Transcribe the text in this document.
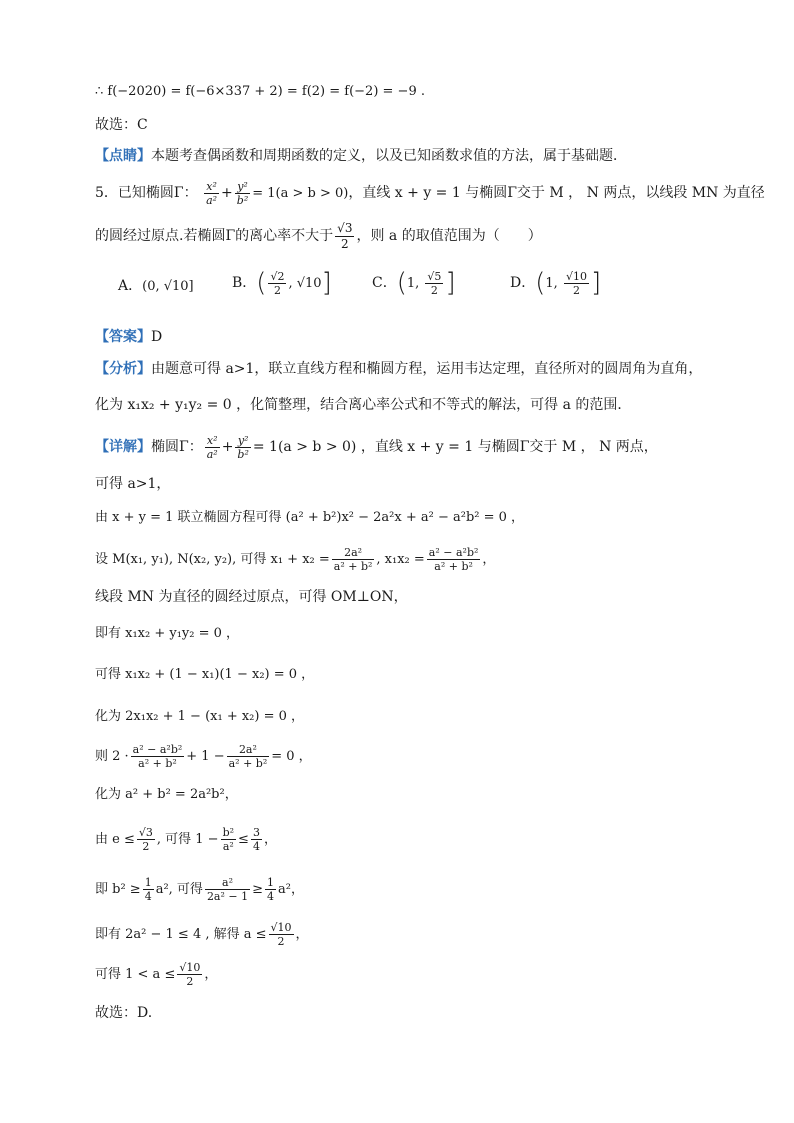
∴ f(−2020) = f(−6×337 + 2) = f(2) = f(−2) = −9 .
故选：C
【点睛】本题考查偶函数和周期函数的定义，以及已知函数求值的方法，属于基础题．
5．已知椭圆Γ： $\frac{\text{x²}}{\text{a²}} + \frac{\text{y²}}{\text{b²}} = 1(a > b > 0)$，直线 x + y = 1 与椭圆Γ交于 M ， N 两点，以线段 MN 为直径
的圆经过原点.若椭圆Γ的离心率不大于 $\frac{√3}{2}$ ，则 a 的取值范围为（　　）
A．(0, √10]	B．( $\frac{√2}{2}$ , √10]	C．(1, $\frac{√5}{2}$ ]	D．(1, $\frac{√10}{2}$ ]
【答案】D
【分析】由题意可得 a>1，联立直线方程和椭圆方程，运用韦达定理，直径所对的圆周角为直角，
化为 x₁x₂ + y₁y₂ = 0 ，化简整理，结合离心率公式和不等式的解法，可得 a 的范围．
【详解】椭圆Γ： $\frac{\text{x²}}{\text{a²}} + \frac{\text{y²}}{\text{b²}} = 1(a > b > 0)$ ，直线 x + y = 1 与椭圆Γ交于 M ， N 两点，
可得 a>1，
由 x + y = 1 联立椭圆方程可得 (a² + b²)x² − 2a²x + a² − a²b² = 0 ，
设 M(x₁, y₁), N(x₂, y₂), 可得 $x_1 + x_2 = \frac{\text{2a²}}{\text{a² + b²}}$ , $x_1x_2 = \frac{\text{a² − a²b²}}{\text{a² + b²}}$ ，
线段 MN 为直径的圆经过原点，可得 OM⊥ON，
即有 x₁x₂ + y₁y₂ = 0 ，
可得 x₁x₂ + (1 − x₁)(1 − x₂) = 0 ，
化为 2x₁x₂ + 1 − (x₁ + x₂) = 0 ，
则 $2 \cdot \frac{\text{a² − a²b²}}{\text{a² + b²}} + 1 - \frac{\text{2a²}}{\text{a² + b²}} = 0$ ，
化为 a² + b² = 2a²b²，
由 $e \le \frac{√3}{2}$ , 可得 $1 - \frac{\text{b²}}{\text{a²}} \le \frac{3}{4}$ ，
即 $b^2 \ge \frac{1}{4} a^2$, 可得 $\frac{\text{a²}}{\text{2a² − 1}} \ge \frac{1}{4} a^2$，
即有 2a² − 1 ≤ 4 , 解得 $a \le \frac{√10}{2}$ ，
可得 $1 < a \le \frac{√10}{2}$ ，
故选：D.
